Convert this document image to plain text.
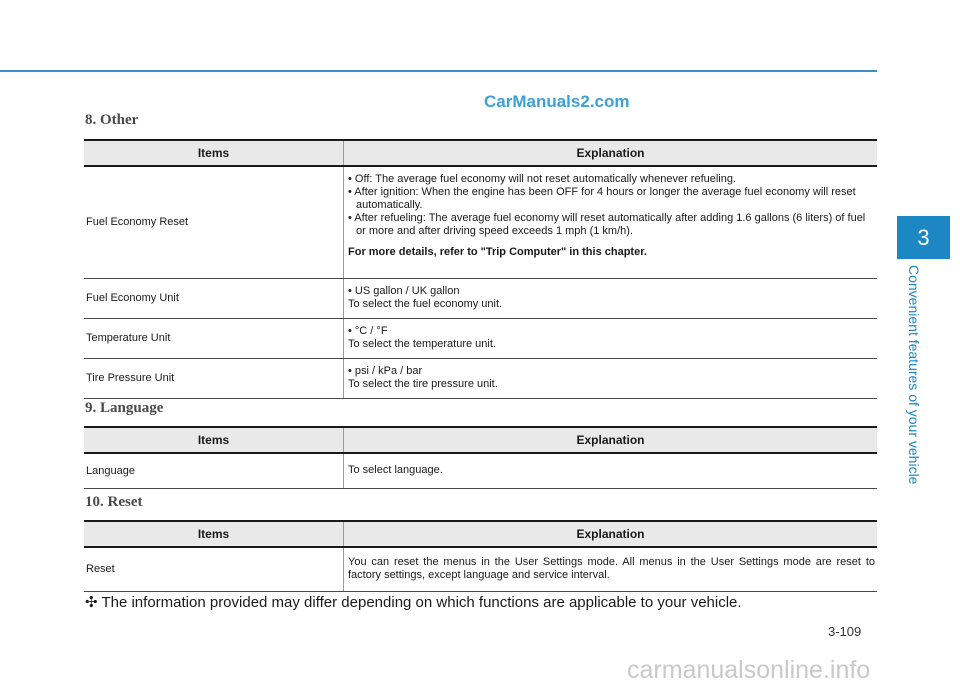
CarManuals2.com
8. Other
Items	Explanation
Fuel Economy Reset	• Off: The average fuel economy will not reset automatically whenever refueling.
• After ignition: When the engine has been OFF for 4 hours or longer the average fuel economy will reset automatically.
• After refueling: The average fuel economy will reset automatically after adding 1.6 gallons (6 liters) of fuel or more and after driving speed exceeds 1 mph (1 km/h).
For more details, refer to "Trip Computer" in this chapter.

Fuel Economy Unit	• US gallon / UK gallon
To select the fuel economy unit.

Temperature Unit	• °C / °F
To select the temperature unit.

Tire Pressure Unit	• psi / kPa / bar
To select the tire pressure unit.
9. Language
Items	Explanation
Language	To select language.
10. Reset
Items	Explanation
Reset	You can reset the menus in the User Settings mode. All menus in the User Settings mode are reset to factory settings, except language and service interval.
✣ The information provided may differ depending on which functions are applicable to your vehicle.
3
Convenient features of your vehicle
3-109
carmanualsonline.info
